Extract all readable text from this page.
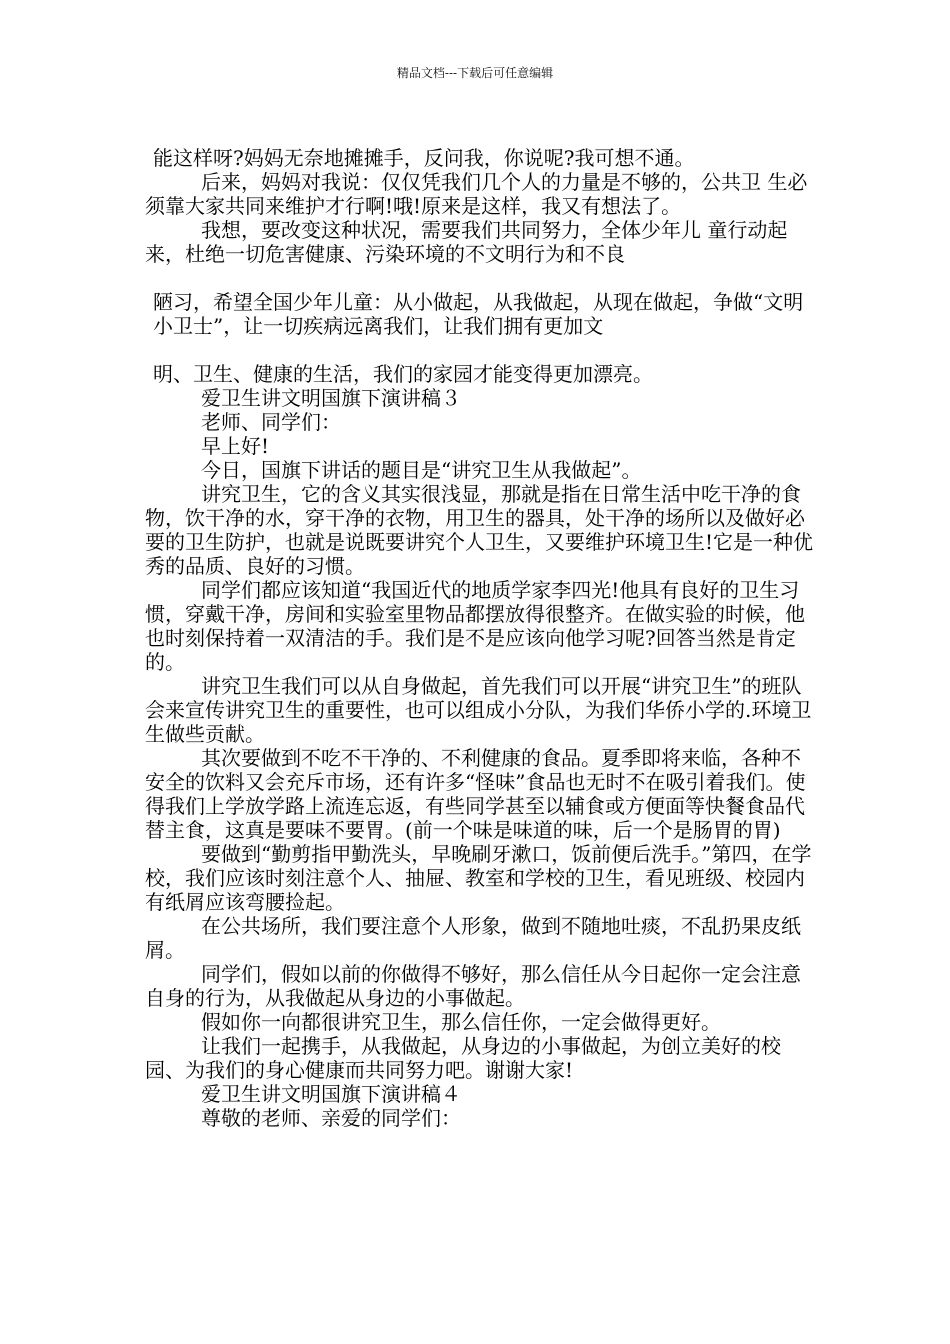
精品文档---下载后可任意编辑

能这样呀?妈妈无奈地摊摊手，反问我，你说呢?我可想不通。

后来，妈妈对我说：仅仅凭我们几个人的力量是不够的，公共卫 生必须靠大家共同来维护才行啊!哦!原来是这样，我又有想法了。

我想，要改变这种状况，需要我们共同努力，全体少年儿 童行动起来，杜绝一切危害健康、污染环境的不文明行为和不良

陋习，希望全国少年儿童：从小做起，从我做起，从现在做起，争做“文明小卫士”，让一切疾病远离我们，让我们拥有更加文

明、卫生、健康的生活，我们的家园才能变得更加漂亮。

爱卫生讲文明国旗下演讲稿３

老师、同学们：

早上好!

今日，国旗下讲话的题目是“讲究卫生从我做起”。

讲究卫生，它的含义其实很浅显，那就是指在日常生活中吃干净的食物，饮干净的水，穿干净的衣物，用卫生的器具，处干净的场所以及做好必要的卫生防护，也就是说既要讲究个人卫生，又要维护环境卫生!它是一种优秀的品质、良好的习惯。

同学们都应该知道“我国近代的地质学家李四光!他具有良好的卫生习惯，穿戴干净，房间和实验室里物品都摆放得很整齐。在做实验的时候，他也时刻保持着一双清洁的手。我们是不是应该向他学习呢?回答当然是肯定的。

讲究卫生我们可以从自身做起，首先我们可以开展“讲究卫生”的班队会来宣传讲究卫生的重要性，也可以组成小分队，为我们华侨小学的.环境卫生做些贡献。

其次要做到不吃不干净的、不利健康的食品。夏季即将来临，各种不安全的饮料又会充斥市场，还有许多“怪味”食品也无时不在吸引着我们。使得我们上学放学路上流连忘返，有些同学甚至以辅食或方便面等快餐食品代替主食，这真是要味不要胃。(前一个味是味道的味，后一个是肠胃的胃)

要做到“勤剪指甲勤洗头，早晚刷牙漱口，饭前便后洗手。”第四，在学校，我们应该时刻注意个人、抽屉、教室和学校的卫生，看见班级、校园内有纸屑应该弯腰捡起。

在公共场所，我们要注意个人形象，做到不随地吐痰，不乱扔果皮纸屑。

同学们，假如以前的你做得不够好，那么信任从今日起你一定会注意自身的行为，从我做起从身边的小事做起。

假如你一向都很讲究卫生，那么信任你，一定会做得更好。

让我们一起携手，从我做起，从身边的小事做起，为创立美好的校园、为我们的身心健康而共同努力吧。谢谢大家!

爱卫生讲文明国旗下演讲稿４

尊敬的老师、亲爱的同学们：
